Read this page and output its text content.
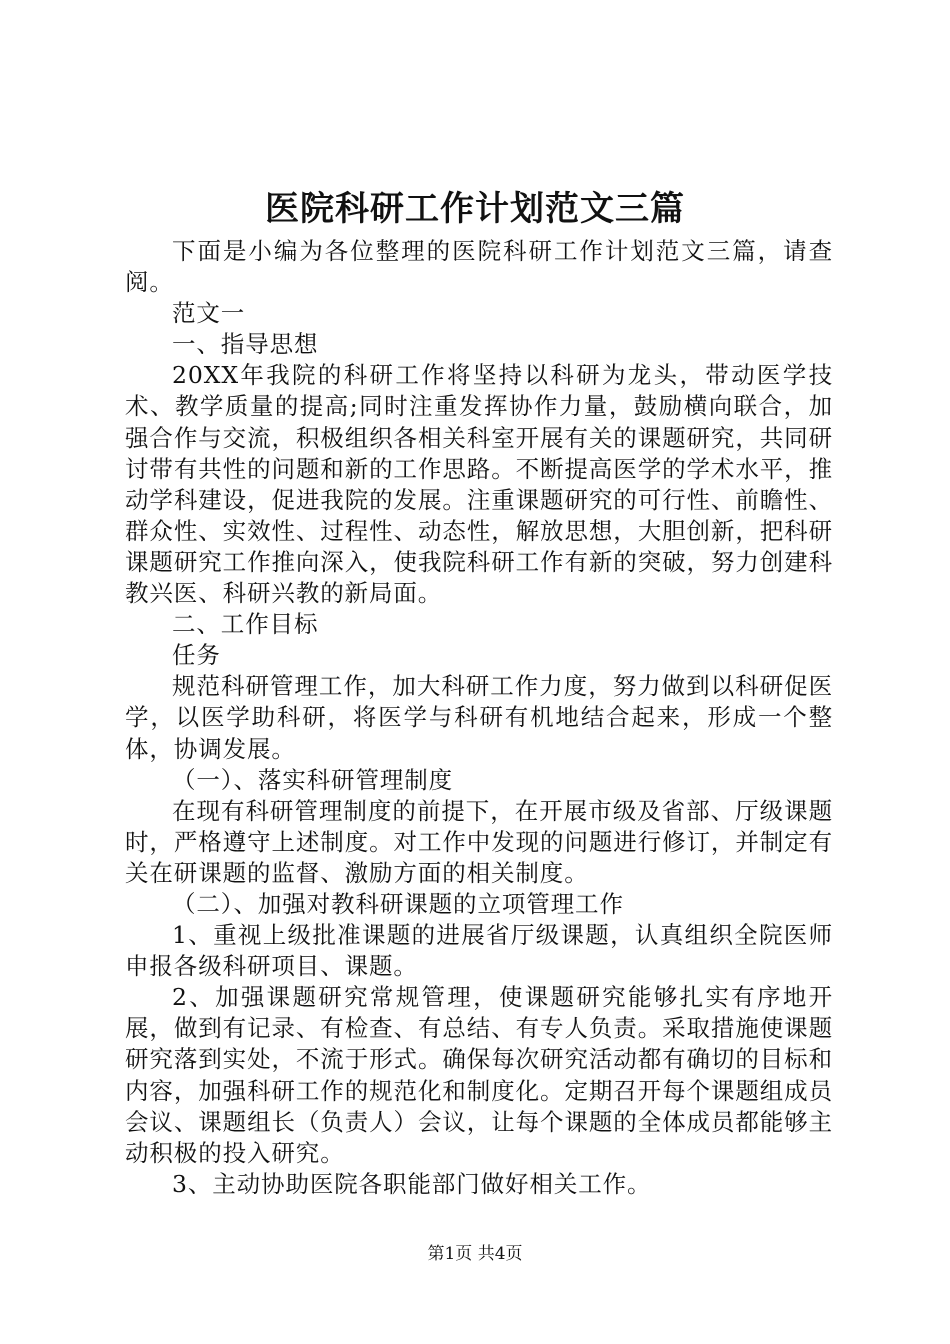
医院科研工作计划范文三篇

下面是小编为各位整理的医院科研工作计划范文三篇，请查阅。

范文一

一、指导思想

20XX年我院的科研工作将坚持以科研为龙头，带动医学技术、教学质量的提高;同时注重发挥协作力量，鼓励横向联合，加强合作与交流，积极组织各相关科室开展有关的课题研究，共同研讨带有共性的问题和新的工作思路。不断提高医学的学术水平，推动学科建设，促进我院的发展。注重课题研究的可行性、前瞻性、群众性、实效性、过程性、动态性，解放思想，大胆创新，把科研课题研究工作推向深入，使我院科研工作有新的突破，努力创建科教兴医、科研兴教的新局面。

二、工作目标

任务

规范科研管理工作，加大科研工作力度，努力做到以科研促医学，以医学助科研，将医学与科研有机地结合起来，形成一个整体，协调发展。

（一）、落实科研管理制度

在现有科研管理制度的前提下，在开展市级及省部、厅级课题时，严格遵守上述制度。对工作中发现的问题进行修订，并制定有关在研课题的监督、激励方面的相关制度。

（二）、加强对教科研课题的立项管理工作

1、重视上级批准课题的进展省厅级课题，认真组织全院医师申报各级科研项目、课题。

2、加强课题研究常规管理，使课题研究能够扎实有序地开展，做到有记录、有检查、有总结、有专人负责。采取措施使课题研究落到实处，不流于形式。确保每次研究活动都有确切的目标和内容，加强科研工作的规范化和制度化。定期召开每个课题组成员会议、课题组长（负责人）会议，让每个课题的全体成员都能够主动积极的投入研究。

3、主动协助医院各职能部门做好相关工作。

第1页 共4页
